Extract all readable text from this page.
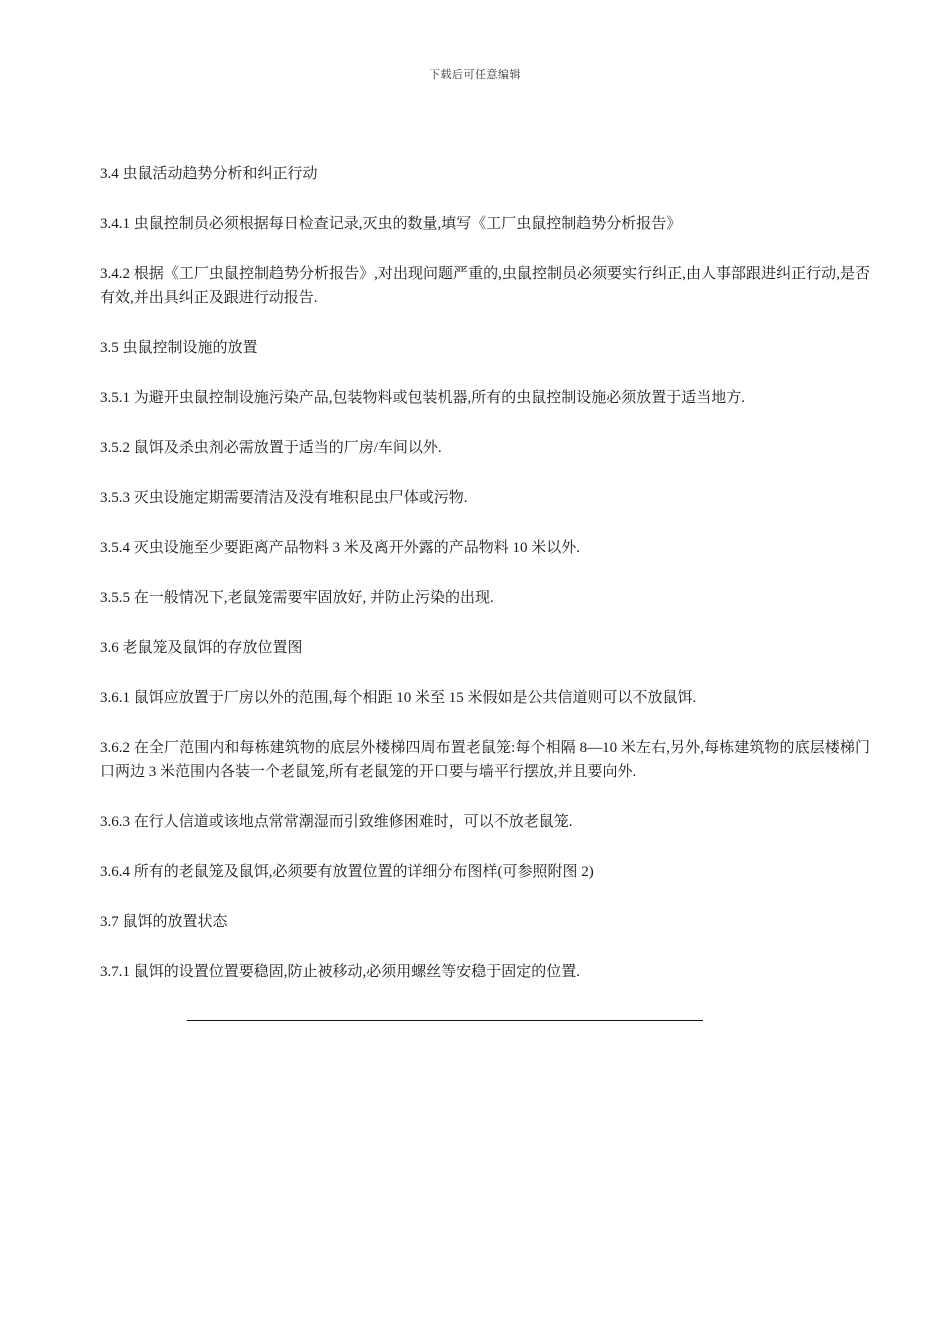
下载后可任意编辑

3.4 虫鼠活动趋势分析和纠正行动

3.4.1 虫鼠控制员必须根据每日检查记录,灭虫的数量,填写《工厂虫鼠控制趋势分析报告》

3.4.2 根据《工厂虫鼠控制趋势分析报告》,对出现问题严重的,虫鼠控制员必须要实行纠正,由人事部跟进纠正行动,是否有效,并出具纠正及跟进行动报告.

3.5 虫鼠控制设施的放置

3.5.1 为避开虫鼠控制设施污染产品,包装物料或包装机器,所有的虫鼠控制设施必须放置于适当地方.

3.5.2 鼠饵及杀虫剂必需放置于适当的厂房/车间以外.

3.5.3 灭虫设施定期需要清洁及没有堆积昆虫尸体或污物.

3.5.4 灭虫设施至少要距离产品物料 3 米及离开外露的产品物料 10 米以外.

3.5.5 在一般情况下,老鼠笼需要牢固放好, 并防止污染的出现.

3.6 老鼠笼及鼠饵的存放位置图

3.6.1 鼠饵应放置于厂房以外的范围,每个相距 10 米至 15 米假如是公共信道则可以不放鼠饵.

3.6.2 在全厂范围内和每栋建筑物的底层外楼梯四周布置老鼠笼:每个相隔 8—10 米左右,另外,每栋建筑物的底层楼梯门口两边 3 米范围内各装一个老鼠笼,所有老鼠笼的开口要与墙平行摆放,并且要向外.

3.6.3 在行人信道或该地点常常潮湿而引致维修困难时，可以不放老鼠笼.

3.6.4 所有的老鼠笼及鼠饵,必须要有放置位置的详细分布图样(可参照附图 2)

3.7 鼠饵的放置状态

3.7.1 鼠饵的设置位置要稳固,防止被移动,必须用螺丝等安稳于固定的位置.
